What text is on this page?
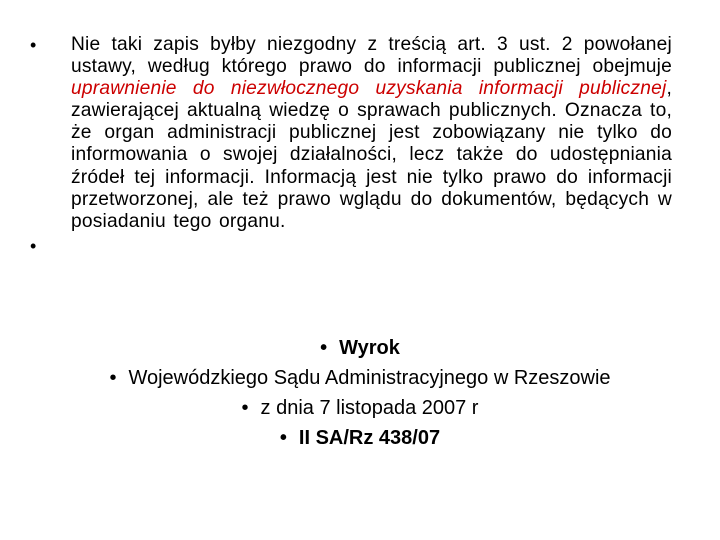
• Nie taki zapis byłby niezgodny z treścią art. 3 ust. 2 powołanej ustawy, według którego prawo do informacji publicznej obejmuje uprawnienie do niezwłocznego uzyskania informacji publicznej, zawierającej aktualną wiedzę o sprawach publicznych. Oznacza to, że organ administracji publicznej jest zobowiązany nie tylko do informowania o swojej działalności, lecz także do udostępniania źródeł tej informacji. Informacją jest nie tylko prawo do informacji przetworzonej, ale też prawo wglądu do dokumentów, będących w posiadaniu tego organu.
•
• Wyrok
• Wojewódzkiego Sądu Administracyjnego w Rzeszowie
• z dnia 7 listopada 2007 r
• II SA/Rz 438/07
